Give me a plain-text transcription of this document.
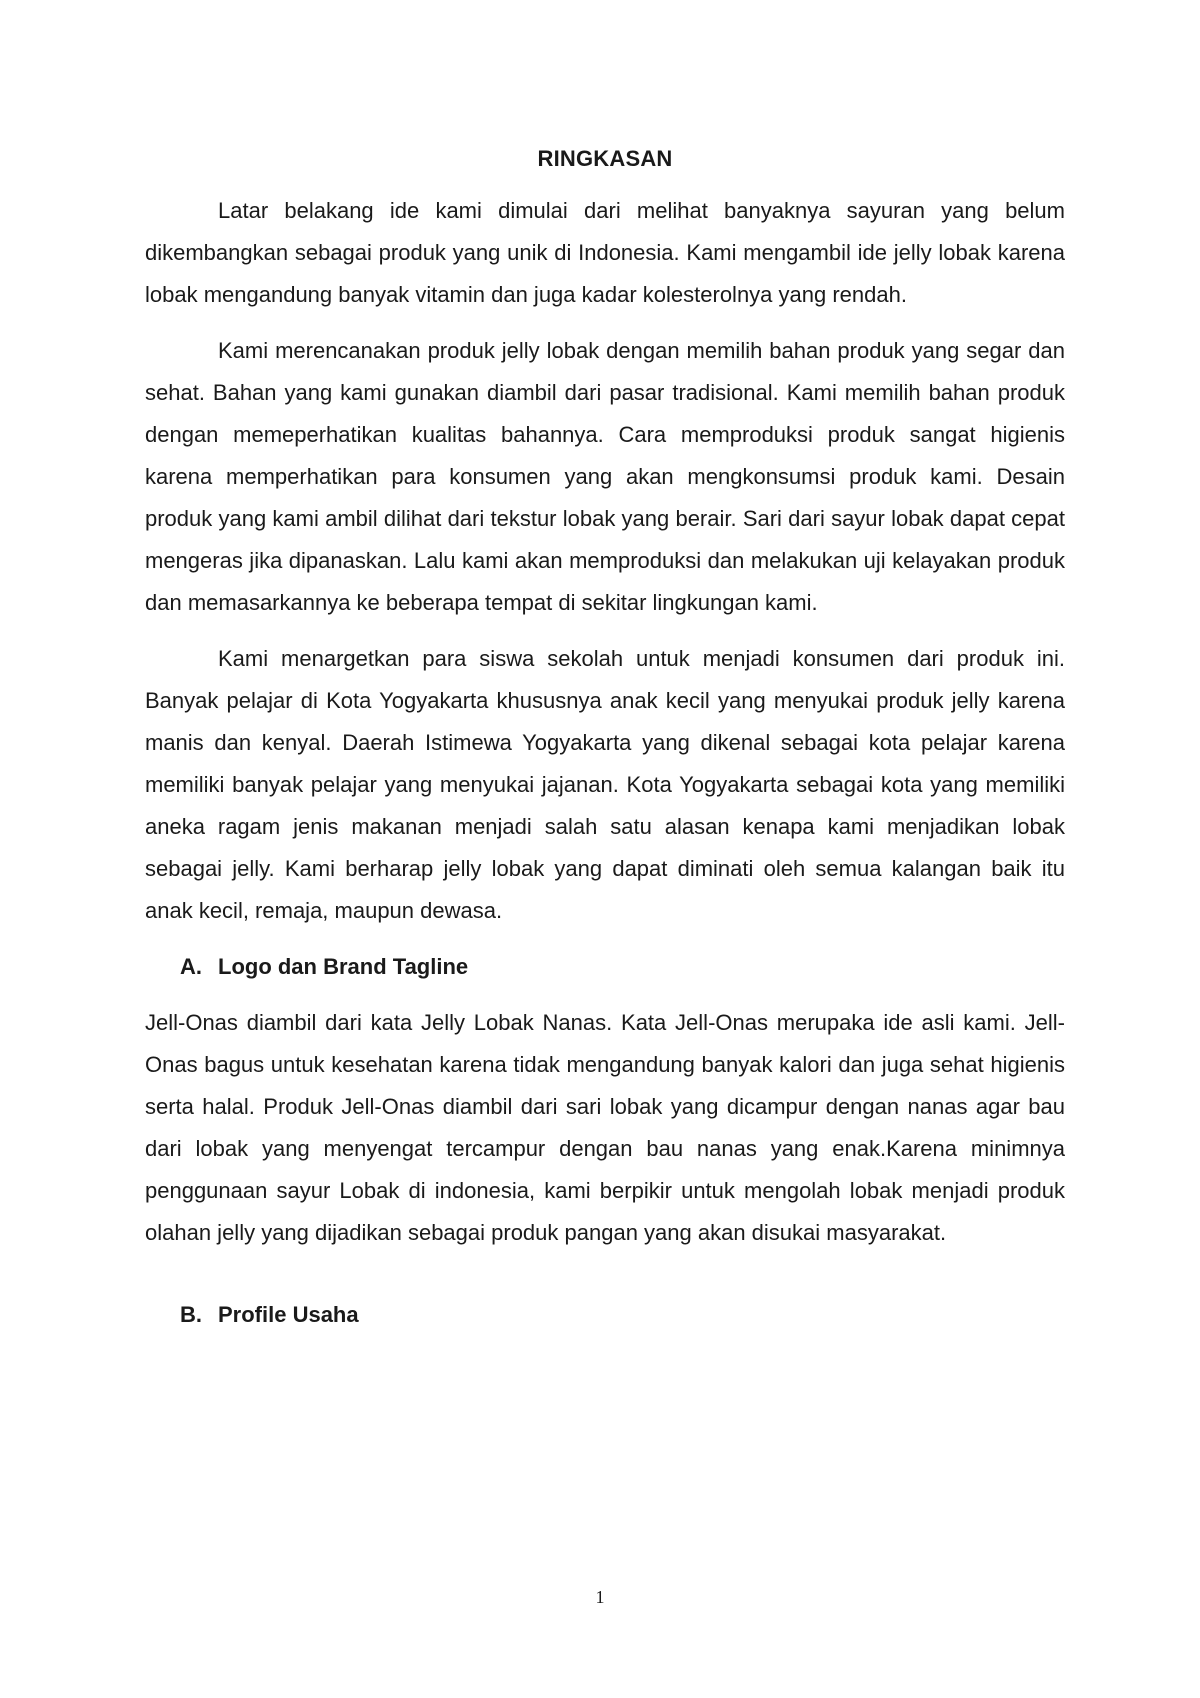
RINGKASAN

Latar belakang ide kami dimulai dari melihat banyaknya sayuran yang belum dikembangkan sebagai produk yang unik di Indonesia. Kami mengambil ide jelly lobak karena lobak mengandung banyak vitamin dan juga kadar kolesterolnya yang rendah.

Kami merencanakan produk jelly lobak dengan memilih bahan produk yang segar dan sehat. Bahan yang kami gunakan diambil dari pasar tradisional. Kami memilih bahan produk dengan memeperhatikan kualitas bahannya. Cara memproduksi produk sangat higienis karena memperhatikan para konsumen yang akan mengkonsumsi produk kami. Desain produk yang kami ambil dilihat dari tekstur lobak yang berair. Sari dari sayur lobak dapat cepat mengeras jika dipanaskan. Lalu kami akan memproduksi dan melakukan uji kelayakan produk dan memasarkannya ke beberapa tempat di sekitar lingkungan kami.

Kami menargetkan para siswa sekolah untuk menjadi konsumen dari produk ini. Banyak pelajar di Kota Yogyakarta khususnya anak kecil yang menyukai produk jelly karena manis dan kenyal. Daerah Istimewa Yogyakarta yang dikenal sebagai kota pelajar karena memiliki banyak pelajar yang menyukai jajanan. Kota Yogyakarta sebagai kota yang memiliki aneka ragam jenis makanan menjadi salah satu alasan kenapa kami menjadikan lobak sebagai jelly. Kami berharap jelly lobak yang dapat diminati oleh semua kalangan baik itu anak kecil, remaja, maupun dewasa.

A. Logo dan Brand Tagline

Jell-Onas diambil dari kata Jelly Lobak Nanas. Kata Jell-Onas merupaka ide asli kami. Jell-Onas bagus untuk kesehatan karena tidak mengandung banyak kalori dan juga sehat higienis serta halal. Produk Jell-Onas diambil dari sari lobak yang dicampur dengan nanas agar bau dari lobak yang menyengat tercampur dengan bau nanas yang enak.Karena minimnya penggunaan sayur Lobak di indonesia, kami berpikir untuk mengolah lobak menjadi produk olahan jelly yang dijadikan sebagai produk pangan yang akan disukai masyarakat.

B. Profile Usaha
1
